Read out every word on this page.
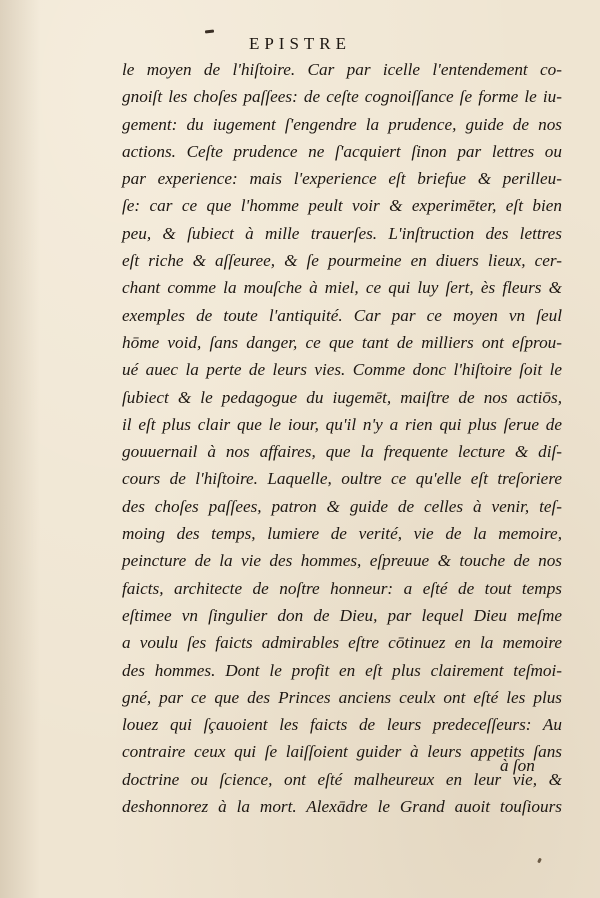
EPISTRE
le moyen de l'hiſtoire. Car par icelle l'entendement co-
gnoiſt les choſes paſſees: de ceſte cognoiſſance ſe forme le iu-
gement: du iugement ſ'engendre la prudence, guide de nos
actions. Ceſte prudence ne ſ'acquiert ſinon par lettres ou
par experience: mais l'experience eſt briefue & perilleu-
ſe: car ce que l'homme peult voir & experimēter, eſt bien
peu, & ſubiect à mille trauerſes. L'inſtruction des lettres
eſt riche & aſſeuree, & ſe pourmeine en diuers lieux, cer-
chant comme la mouſche à miel, ce qui luy ſert, ès fleurs &
exemples de toute l'antiquité. Car par ce moyen vn ſeul
hōme void, ſans danger, ce que tant de milliers ont eſprou-
ué auec la perte de leurs vies. Comme donc l'hiſtoire ſoit le
ſubiect & le pedagogue du iugemēt, maiſtre de nos actiōs,
il eſt plus clair que le iour, qu'il n'y a rien qui plus ſerue de
gouuernail à nos affaires, que la frequente lecture & diſ-
cours de l'hiſtoire. Laquelle, oultre ce qu'elle eſt treſoriere
des choſes paſſees, patron & guide de celles à venir, teſ-
moing des temps, lumiere de verité, vie de la memoire,
peincture de la vie des hommes, eſpreuue & touche de nos
faicts, architecte de noſtre honneur: a eſté de tout temps
eſtimee vn ſingulier don de Dieu, par lequel Dieu meſme
a voulu ſes faicts admirables eſtre cōtinuez en la memoire
des hommes. Dont le profit en eſt plus clairement teſmoi-
gné, par ce que des Princes anciens ceulx ont eſté les plus
louez qui ſçauoient les faicts de leurs predeceſſeurs: Au
contraire ceux qui ſe laiſſoient guider à leurs appetits ſans
doctrine ou ſcience, ont eſté malheureux en leur vie, &
deshonnorez à la mort. Alexādre le Grand auoit touſiours
à ſon
